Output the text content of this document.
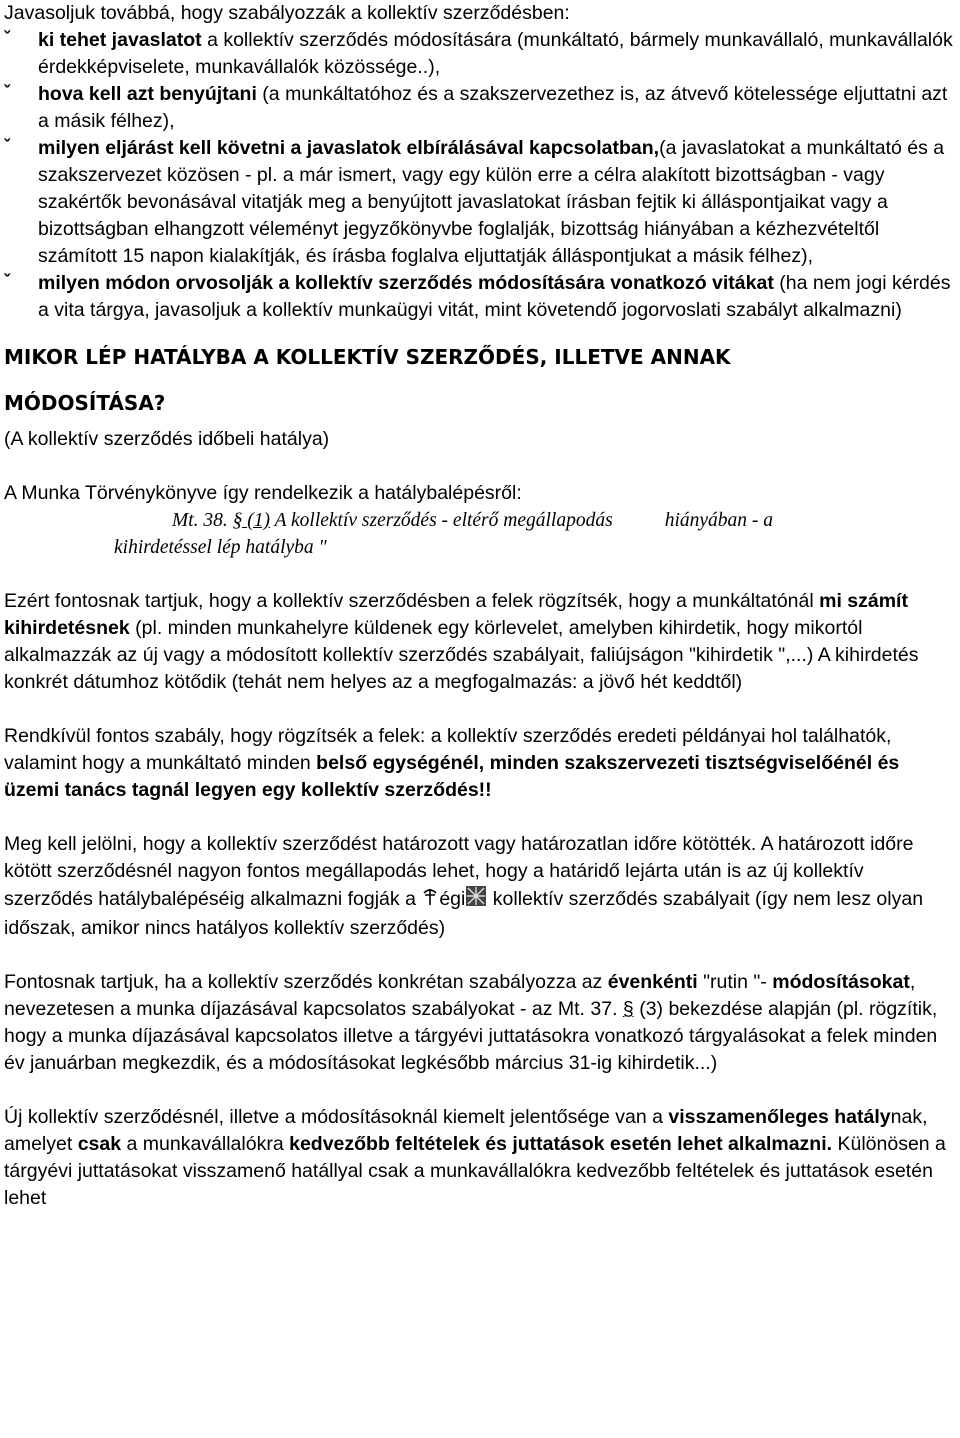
Javasoljuk továbbá, hogy szabályozzák a kollektív szerződésben:

ˇ ki tehet javaslatot a kollektív szerződés módosítására (munkáltató, bármely munkavállaló, munkavállalók érdekképviselete, munkavállalók közössége..),
ˇ hova kell azt benyújtani (a munkáltatóhoz és a szakszervezethez is, az átvevő kötelessége eljuttatni azt a másik félhez),
ˇ milyen eljárást kell követni a javaslatok elbírálásával kapcsolatban,(a javaslatokat a munkáltató és a szakszervezet közösen - pl. a már ismert, vagy egy külön erre a célra alakított bizottságban - vagy szakértők bevonásával vitatják meg a benyújtott javaslatokat írásban fejtik ki álláspontjaikat vagy a bizottságban elhangzott véleményt jegyzőkönyvbe foglalják, bizottság hiányában a kézhezvételtől számított 15 napon kialakítják, és írásba foglalva eljuttatják álláspontjukat a másik félhez),
ˇ milyen módon orvosolják a kollektív szerződés módosítására vonatkozó vitákat (ha nem jogi kérdés a vita tárgya, javasoljuk a kollektív munkaügyi vitát, mint követendő jogorvoslati szabályt alkalmazni)

MIKOR LÉP HATÁLYBA A KOLLEKTÍV SZERZŐDÉS, ILLETVE ANNAK
MÓDOSÍTÁSA?

(A kollektív szerződés időbeli hatálya)

A Munka Törvénykönyve így rendelkezik a hatálybalépésről:

Mt. 38. § (1) A kollektív szerződés - eltérő megállapodás	hiányában - a
kihirdetéssel lép hatályba "

Ezért fontosnak tartjuk, hogy a kollektív szerződésben a felek rögzítsék, hogy a munkáltatónál mi számít kihirdetésnek (pl. minden munkahelyre küldenek egy körlevelet, amelyben kihirdetik, hogy mikortól alkalmazzák az új vagy a módosított kollektív szerződés szabályait, faliújságon "kihirdetik ",...) A kihirdetés konkrét dátumhoz kötődik (tehát nem helyes az a megfogalmazás: a jövő hét keddtől)

Rendkívül fontos szabály, hogy rögzítsék a felek: a kollektív szerződés eredeti példányai hol találhatók, valamint hogy a munkáltató minden belső egységénél, minden szakszervezeti tisztségviselőénél és üzemi tanács tagnál legyen egy kollektív szerződés!!

Meg kell jelölni, hogy a kollektív szerződést határozott vagy határozatlan időre kötötték. A határozott időre kötött szerződésnél nagyon fontos megállapodás lehet, hogy a határidő lejárta után is az új kollektív szerződés hatálybalépéséig alkalmazni fogják a égi kollektív szerződés szabályait (így nem lesz olyan időszak, amikor nincs hatályos kollektív szerződés)

Fontosnak tartjuk, ha a kollektív szerződés konkrétan szabályozza az évenkénti "rutin "- módosításokat, nevezetesen a munka díjazásával kapcsolatos szabályokat - az Mt. 37. § (3) bekezdése alapján (pl. rögzítik, hogy a munka díjazásával kapcsolatos illetve a tárgyévi juttatásokra vonatkozó tárgyalásokat a felek minden év januárban megkezdik, és a módosításokat legkésőbb március 31-ig kihirdetik...)

Új kollektív szerződésnél, illetve a módosításoknál kiemelt jelentősége van a visszamenőleges hatálynak, amelyet csak a munkavállalókra kedvezőbb feltételek és juttatások esetén lehet alkalmazni. Különösen a tárgyévi juttatásokat visszamenő hatállyal csak a munkavállalókra kedvezőbb feltételek és juttatások esetén lehet
